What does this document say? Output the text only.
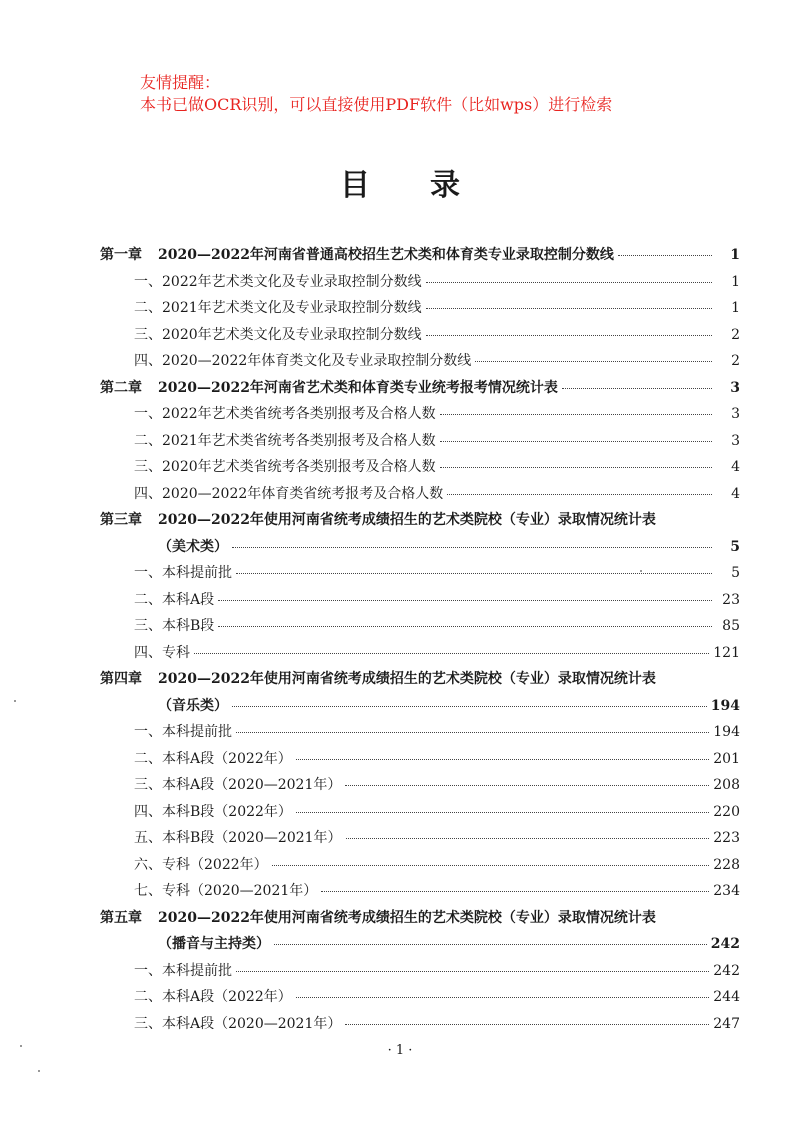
友情提醒：
本书已做OCR识别，可以直接使用PDF软件（比如wps）进行检索
目录
第一章 2020—2022年河南省普通高校招生艺术类和体育类专业录取控制分数线	1
一、2022年艺术类文化及专业录取控制分数线	1
二、2021年艺术类文化及专业录取控制分数线	1
三、2020年艺术类文化及专业录取控制分数线	2
四、2020—2022年体育类文化及专业录取控制分数线	2
第二章 2020—2022年河南省艺术类和体育类专业统考报考情况统计表	3
一、2022年艺术类省统考各类别报考及合格人数	3
二、2021年艺术类省统考各类别报考及合格人数	3
三、2020年艺术类省统考各类别报考及合格人数	4
四、2020—2022年体育类省统考报考及合格人数	4
第三章 2020—2022年使用河南省统考成绩招生的艺术类院校（专业）录取情况统计表
（美术类）	5
一、本科提前批	5
二、本科A段	23
三、本科B段	85
四、专科	121
第四章 2020—2022年使用河南省统考成绩招生的艺术类院校（专业）录取情况统计表
（音乐类）	194
一、本科提前批	194
二、本科A段（2022年）	201
三、本科A段（2020—2021年）	208
四、本科B段（2022年）	220
五、本科B段（2020—2021年）	223
六、专科（2022年）	228
七、专科（2020—2021年）	234
第五章 2020—2022年使用河南省统考成绩招生的艺术类院校（专业）录取情况统计表
（播音与主持类）	242
一、本科提前批	242
二、本科A段（2022年）	244
三、本科A段（2020—2021年）	247
· 1 ·
